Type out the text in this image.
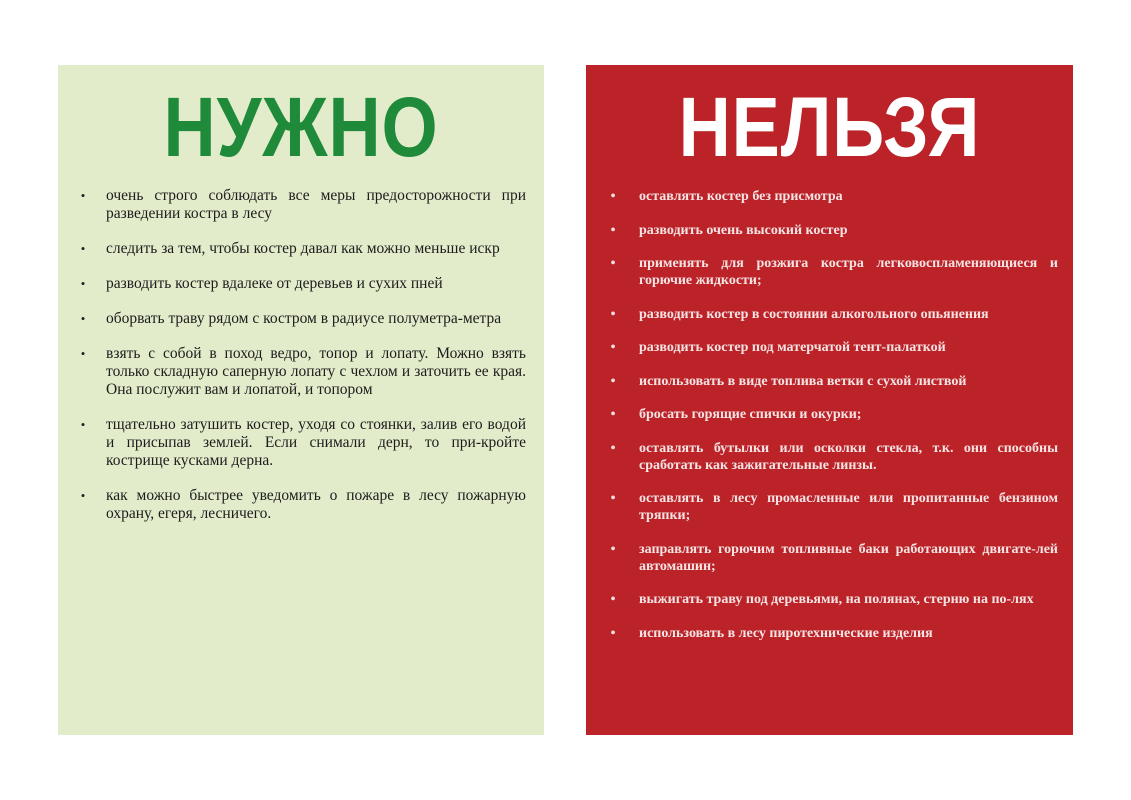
НУЖНО
• очень строго соблюдать все меры предосторожности при разведении костра в лесу
• следить за тем, чтобы костер давал как можно меньше искр
• разводить костер вдалеке от деревьев и сухих пней
• оборвать траву рядом с костром в радиусе полуметра-метра
• взять с собой в поход ведро, топор и лопату. Можно взять только складную саперную лопату с чехлом и заточить ее края. Она послужит вам и лопатой, и топором
• тщательно затушить костер, уходя со стоянки, залив его водой и присыпав землей. Если снимали дерн, то при-кройте кострище кусками дерна.
• как можно быстрее уведомить о пожаре в лесу пожарную охрану, егеря, лесничего.
НЕЛЬЗЯ
• оставлять костер без присмотра
• разводить очень высокий костер
• применять для розжига костра легковоспламеняющиеся и горючие жидкости;
• разводить костер в состоянии алкогольного опьянения
• разводить костер под матерчатой тент-палаткой
• использовать в виде топлива ветки с сухой листвой
• бросать горящие спички и окурки;
• оставлять бутылки или осколки стекла, т.к. они способны сработать как зажигательные линзы.
• оставлять в лесу промасленные или пропитанные бензином тряпки;
• заправлять горючим топливные баки работающих двигате-лей автомашин;
• выжигать траву под деревьями, на полянах, стерню на по-лях
• использовать в лесу пиротехнические изделия
